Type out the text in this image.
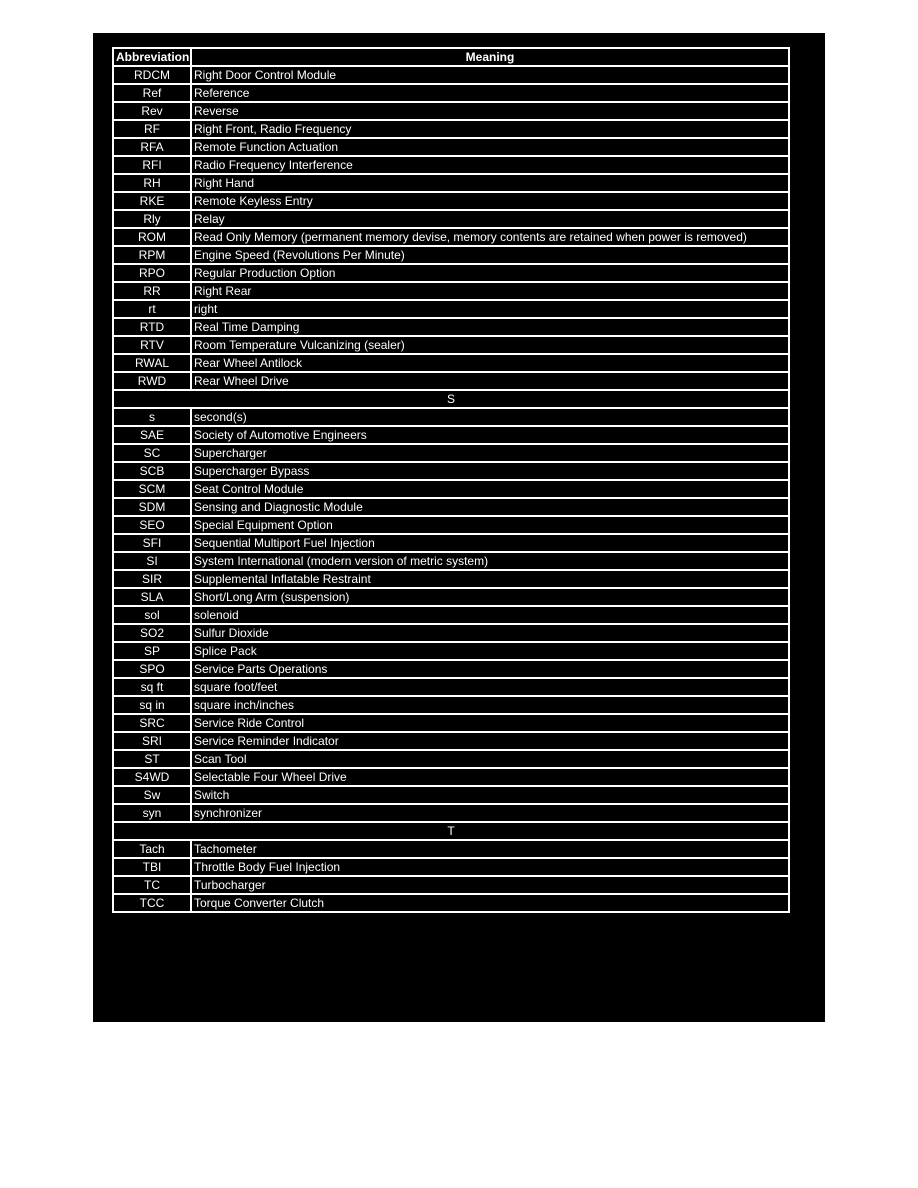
Abbreviation	Meaning
RDCM	Right Door Control Module
Ref	Reference
Rev	Reverse
RF	Right Front, Radio Frequency
RFA	Remote Function Actuation
RFI	Radio Frequency Interference
RH	Right Hand
RKE	Remote Keyless Entry
Rly	Relay
ROM	Read Only Memory (permanent memory devise, memory contents are retained when power is removed)
RPM	Engine Speed (Revolutions Per Minute)
RPO	Regular Production Option
RR	Right Rear
rt	right
RTD	Real Time Damping
RTV	Room Temperature Vulcanizing (sealer)
RWAL	Rear Wheel Antilock
RWD	Rear Wheel Drive
S	
s	second(s)
SAE	Society of Automotive Engineers
SC	Supercharger
SCB	Supercharger Bypass
SCM	Seat Control Module
SDM	Sensing and Diagnostic Module
SEO	Special Equipment Option
SFI	Sequential Multiport Fuel Injection
SI	System International (modern version of metric system)
SIR	Supplemental Inflatable Restraint
SLA	Short/Long Arm (suspension)
sol	solenoid
SO2	Sulfur Dioxide
SP	Splice Pack
SPO	Service Parts Operations
sq ft	square foot/feet
sq in	square inch/inches
SRC	Service Ride Control
SRI	Service Reminder Indicator
ST	Scan Tool
S4WD	Selectable Four Wheel Drive
Sw	Switch
syn	synchronizer
T	
Tach	Tachometer
TBI	Throttle Body Fuel Injection
TC	Turbocharger
TCC	Torque Converter Clutch
